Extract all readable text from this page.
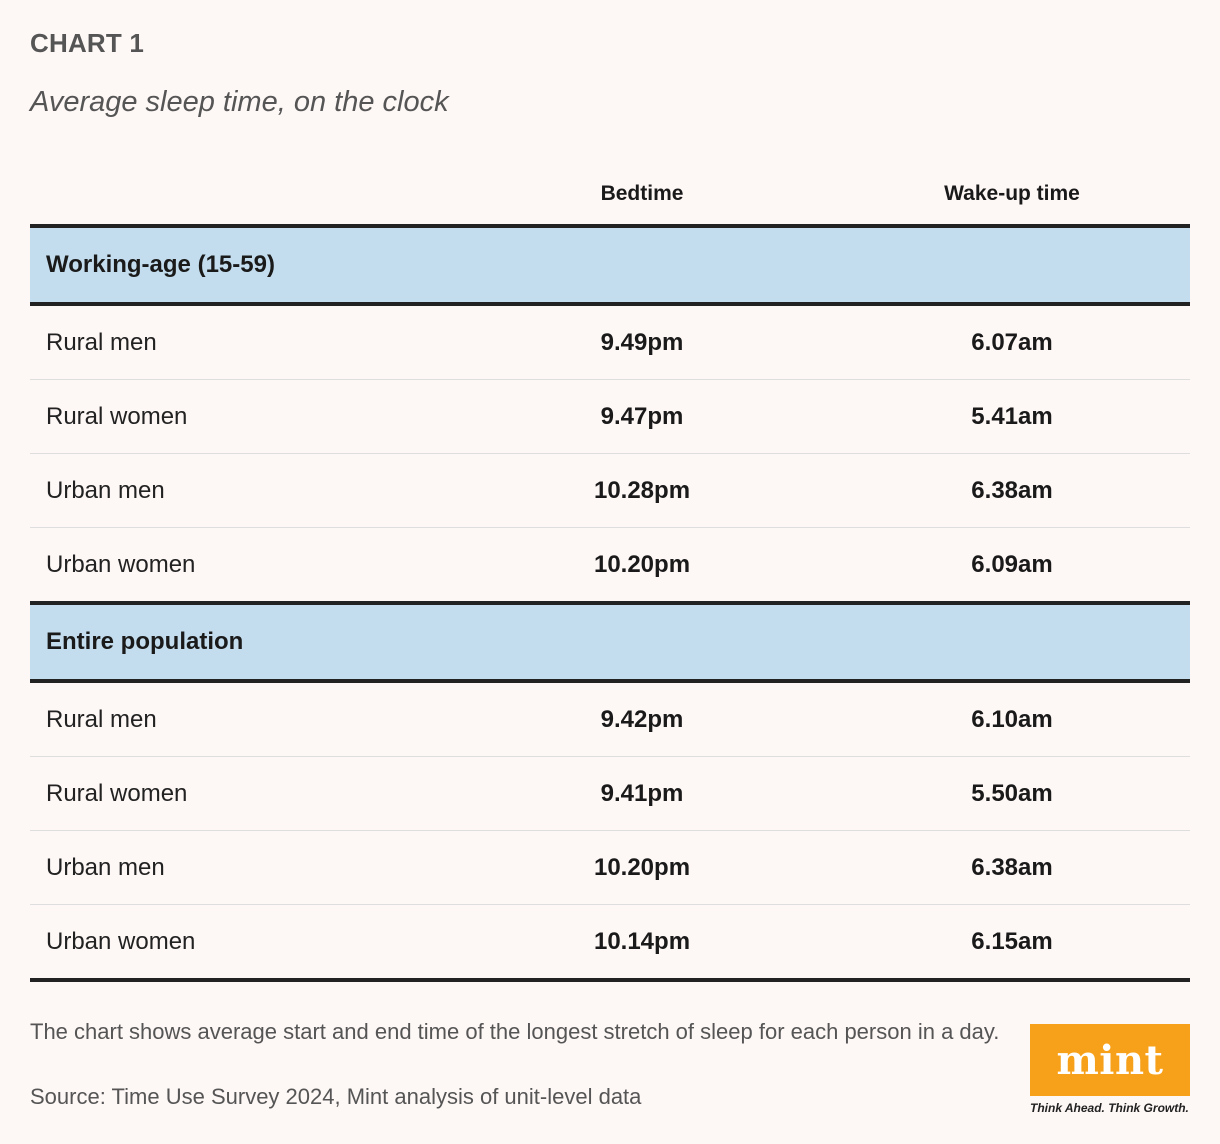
CHART 1
Average sleep time, on the clock
Bedtime	Wake-up time
Working-age (15-59)
Rural men	9.49pm	6.07am
Rural women	9.47pm	5.41am
Urban men	10.28pm	6.38am
Urban women	10.20pm	6.09am
Entire population
Rural men	9.42pm	6.10am
Rural women	9.41pm	5.50am
Urban men	10.20pm	6.38am
Urban women	10.14pm	6.15am
The chart shows average start and end time of the longest stretch of sleep for each person in a day.
Source: Time Use Survey 2024, Mint analysis of unit-level data
mint
Think Ahead. Think Growth.
